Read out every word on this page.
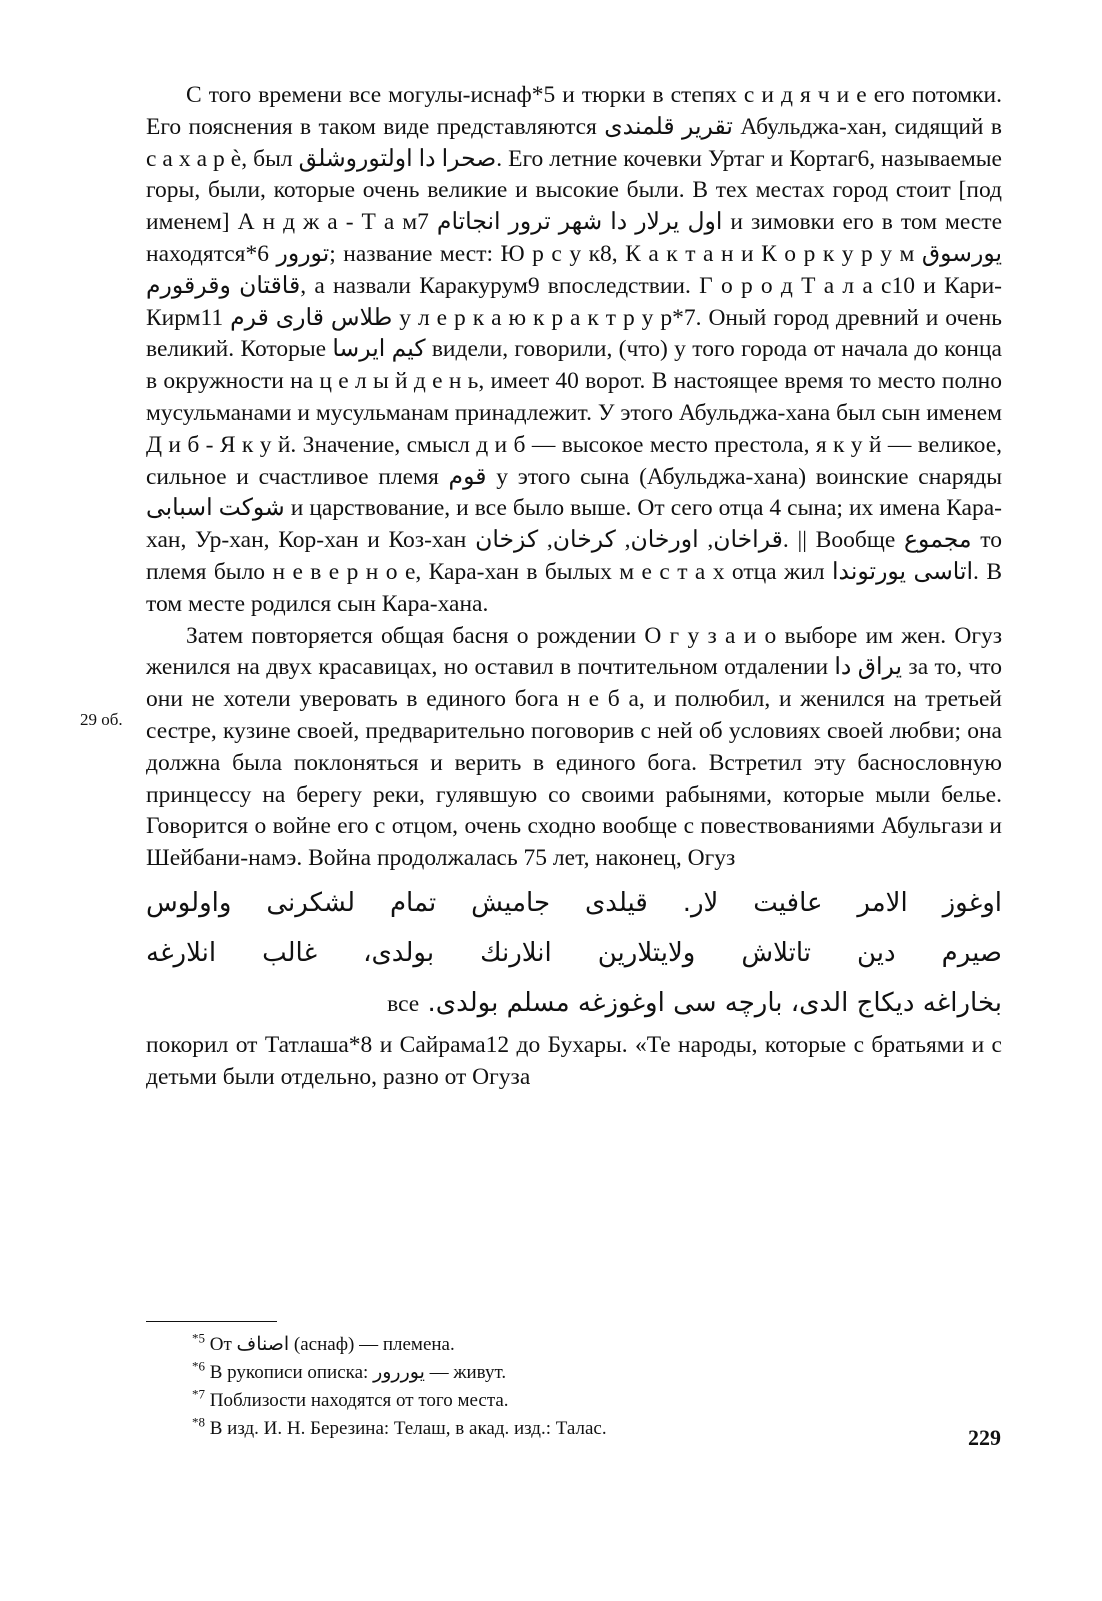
29 об.

С того времени все могулы-иснаф*5 и тюрки в степях с и д я ч и е его потомки. Его пояснения в таком виде представляются تقرير قلمندى Абульджа-хан, сидящий в с а х а р ѐ, был صحرا دا اولتوروشلق. Его летние кочевки Уртаг и Кортаг6, называемые горы, были, которые очень великие и высокие были. В тех местах город стоит [под именем] А н д ж а - Т а м7 اول يرلار دا شهر ترور انجاتام и зимовки его в том месте находятся*6 تورور; название мест: Ю р с у к8, К а к т а н и К о р к у р у м يورسوق قاقتان وقرقورم, а назвали Каракурум9 впоследствии. Г о р о д Т а л а с10 и Кари-Кирм11 طلاس قارى قرم у л е р к а ю к р а к т р у р*7. Оный город древний и очень великий. Которые كيم ايرسا видели, говорили, (что) у того города от начала до конца в окружности на ц е л ы й д е н ь, имеет 40 ворот. В настоящее время то место полно мусульманами и мусульманам принадлежит. У этого Абульджа-хана был сын именем Д и б - Я к у й. Значение, смысл д и б — высокое место престола, я к у й — великое, сильное и счастливое племя قوم у этого сына (Абульджа-хана) воинские снаряды شوكت اسبابى и царствование, и все было выше. От сего отца 4 сына; их имена Кара-хан, Ур-хан, Кор-хан и Коз-хан قراخان, اورخان, كرخان, كزخان. || Вообще مجموع то племя было н е в е р н о е, Кара-хан в былых м е с т а х отца жил اتاسى يورتوندا. В том месте родился сын Кара-хана.

Затем повторяется общая басня о рождении О г у з а и о выборе им жен. Огуз женился на двух красавицах, но оставил в почтительном отдалении يراق دا за то, что они не хотели уверовать в единого бога н е б а, и полюбил, и женился на третьей сестре, кузине своей, предварительно поговорив с ней об условиях своей любви; она должна была поклоняться и верить в единого бога. Встретил эту баснословную принцессу на берегу реки, гулявшую со своими рабынями, которые мыли белье. Говорится о войне его с отцом, очень сходно вообще с повествованиями Абульгази и Шейбани-намэ. Война продолжалась 75 лет, наконец, Огуз

اوغوز الامر عافيت لار. قيلدى جاميش تمام لشكرنى واولوس
صيرم دين تاتلاش ولايتلارين انلارنك بولدى، غالب انلارغه
بخاراغه ديكاج الدى، بارچه سى اوغوزغه مسلم بولدى. все

покорил от Татлаша*8 и Сайрама12 до Бухары. «Те народы, которые с братьями и с детьми были отдельно, разно от Огуза

$^{*5}$ От اصناف (аснаф) — племена.

$^{*6}$ В рукописи описка: يوررور — живут.

$^{*7}$ Поблизости находятся от того места.

$^{*8}$ В изд. И. Н. Березина: Телаш, в акад. изд.: Талас.	229
